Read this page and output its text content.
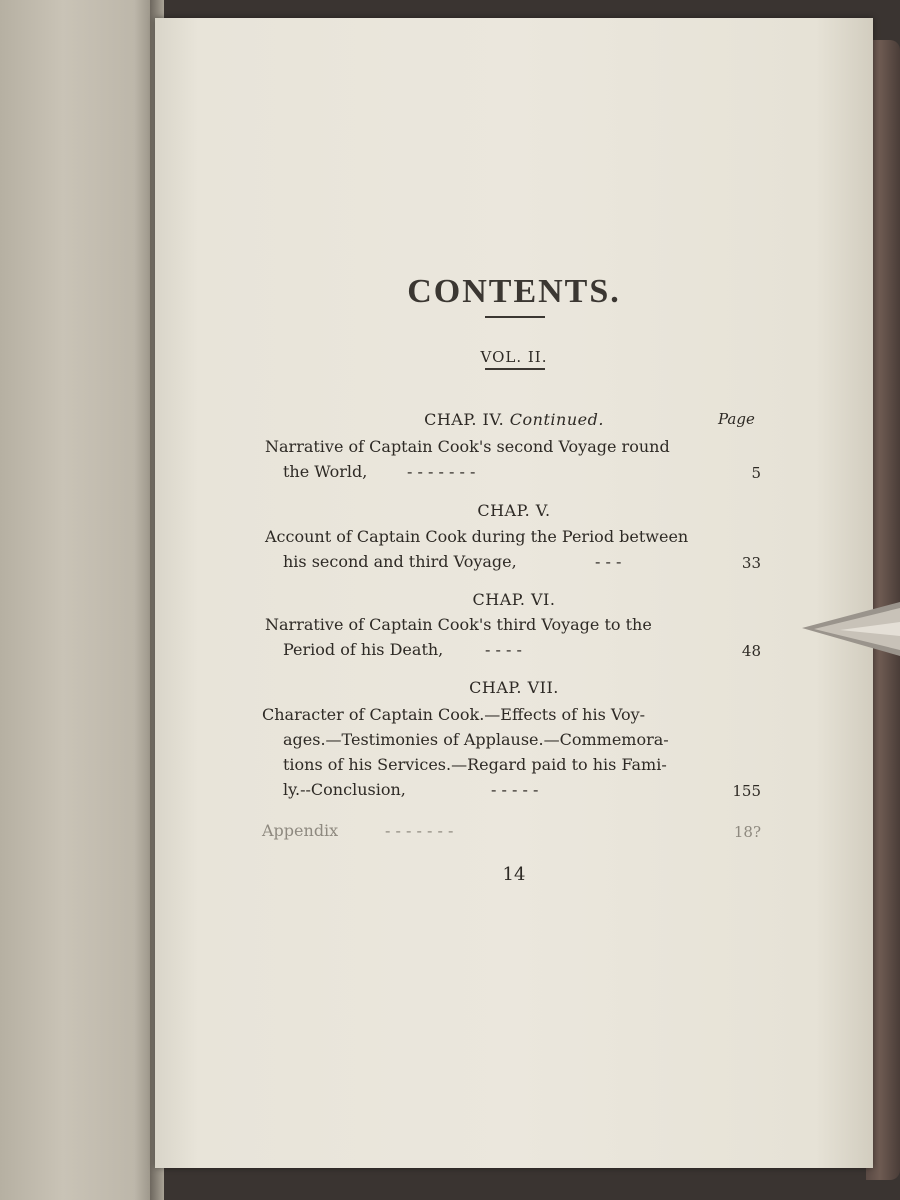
CONTENTS.
VOL. II.
Page
CHAP. IV. Continued.
Narrative of Captain Cook's second Voyage round
the World, - - - - - - -	5
CHAP. V.
Account of Captain Cook during the Period between
his second and third Voyage,	- - -	33
CHAP. VI.
Narrative of Captain Cook's third Voyage to the
Period of his Death,	- - - -	48
CHAP. VII.
Character of Captain Cook.—Effects of his Voy-
ages.—Testimonies of Applause.—Commemora-
tions of his Services.—Regard paid to his Fami-
ly.--Conclusion,	- - - - -	155
Appendix	- - - - - - -	18?
14
